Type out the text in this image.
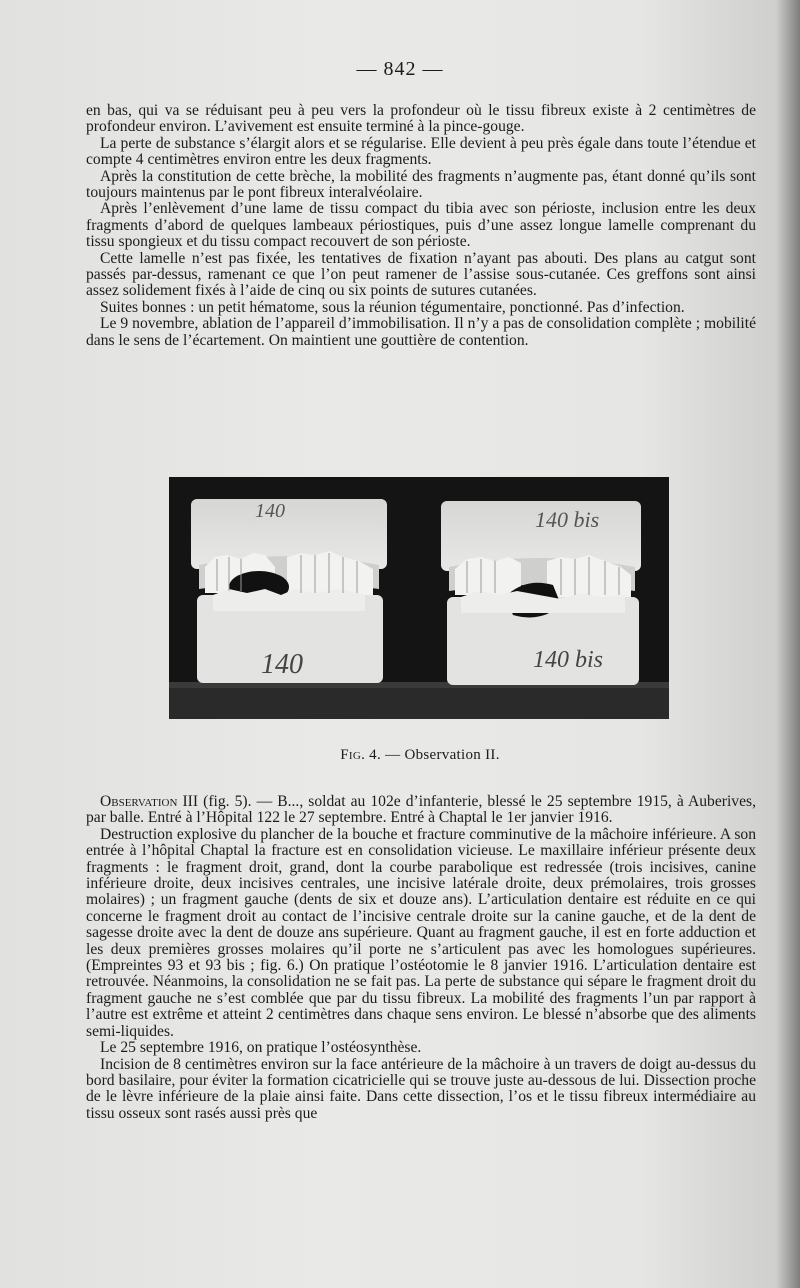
— 842 —

en bas, qui va se réduisant peu à peu vers la profondeur où le tissu fibreux existe à 2 centimètres de profondeur environ. L’avivement est ensuite terminé à la pince-gouge.

La perte de substance s’élargit alors et se régularise. Elle devient à peu près égale dans toute l’étendue et compte 4 centimètres environ entre les deux fragments.

Après la constitution de cette brèche, la mobilité des fragments n’augmente pas, étant donné qu’ils sont toujours maintenus par le pont fibreux interalvéolaire.

Après l’enlèvement d’une lame de tissu compact du tibia avec son périoste, inclusion entre les deux fragments d’abord de quelques lambeaux périostiques, puis d’une assez longue lamelle comprenant du tissu spongieux et du tissu compact recouvert de son périoste.

Cette lamelle n’est pas fixée, les tentatives de fixation n’ayant pas abouti. Des plans au catgut sont passés par-dessus, ramenant ce que l’on peut ramener de l’assise sous-cutanée. Ces greffons sont ainsi assez solidement fixés à l’aide de cinq ou six points de sutures cutanées.

Suites bonnes : un petit hématome, sous la réunion tégumentaire, ponctionné. Pas d’infection.

Le 9 novembre, ablation de l’appareil d’immobilisation. Il n’y a pas de consolidation complète ; mobilité dans le sens de l’écartement. On maintient une gouttière de contention.

140
140
140 bis
140 bis
Fig. 4. — Observation II.

Observation III (fig. 5). — B..., soldat au 102e d’infanterie, blessé le 25 septembre 1915, à Auberives, par balle. Entré à l’Hôpital 122 le 27 septembre. Entré à Chaptal le 1er janvier 1916.

Destruction explosive du plancher de la bouche et fracture comminutive de la mâchoire inférieure. A son entrée à l’hôpital Chaptal la fracture est en consolidation vicieuse. Le maxillaire inférieur présente deux fragments : le fragment droit, grand, dont la courbe parabolique est redressée (trois incisives, canine inférieure droite, deux incisives centrales, une incisive latérale droite, deux prémolaires, trois grosses molaires) ; un fragment gauche (dents de six et douze ans). L’articulation dentaire est réduite en ce qui concerne le fragment droit au contact de l’incisive centrale droite sur la canine gauche, et de la dent de sagesse droite avec la dent de douze ans supérieure. Quant au fragment gauche, il est en forte adduction et les deux premières grosses molaires qu’il porte ne s’articulent pas avec les homologues supérieures. (Empreintes 93 et 93 bis ; fig. 6.) On pratique l’ostéotomie le 8 janvier 1916. L’articulation dentaire est retrouvée. Néanmoins, la consolidation ne se fait pas. La perte de substance qui sépare le fragment droit du fragment gauche ne s’est comblée que par du tissu fibreux. La mobilité des fragments l’un par rapport à l’autre est extrême et atteint 2 centimètres dans chaque sens environ. Le blessé n’absorbe que des aliments semi-liquides.

Le 25 septembre 1916, on pratique l’ostéosynthèse.

Incision de 8 centimètres environ sur la face antérieure de la mâchoire à un travers de doigt au-dessus du bord basilaire, pour éviter la formation cicatricielle qui se trouve juste au-dessous de lui. Dissection proche de le lèvre inférieure de la plaie ainsi faite. Dans cette dissection, l’os et le tissu fibreux intermédiaire au tissu osseux sont rasés aussi près que
